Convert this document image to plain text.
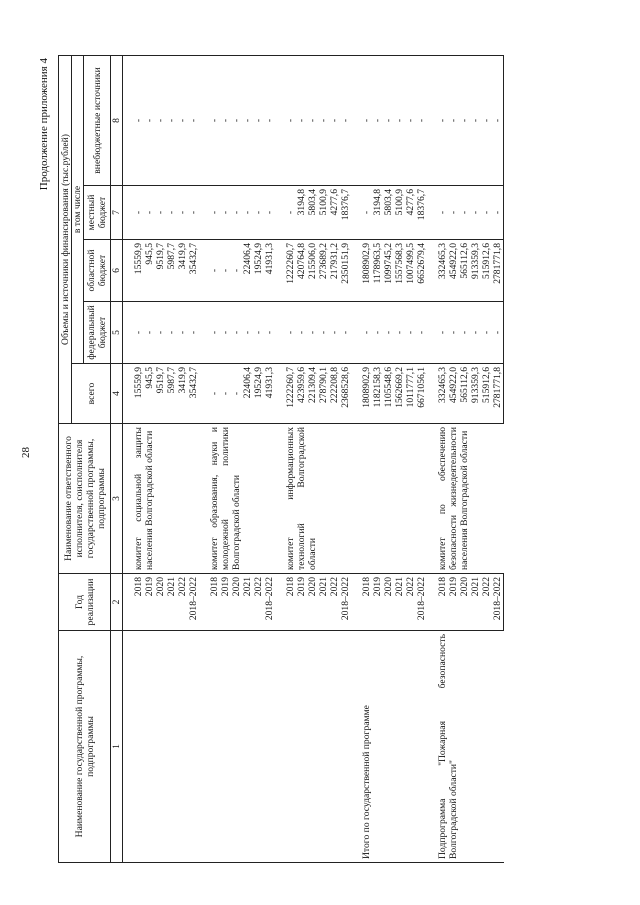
28
Продолжение приложения 4
Наименование государственной программы, подпрограммы	Год реализации	Наименование ответственного исполнителя, соисполнителя государственной программы, подпрограммы	Объемы и источники финансирования (тыс.рублей)				
			всего	в том числе			
				федеральный бюджет	областной бюджет	местный бюджет	внебюджетные источники
1	2	3	4	5	6	7	8
	2018	комитет социальной защиты населения Волгоградской области	15559,9	-	15559,9	-	-
	2019		945,5	-	945,5	-	-
	2020		9519,7	-	9519,7	-	-
	2021		5987,7	-	5987,7	-	-
	2022		3419,9	-	3419,9	-	-
	2018–2022		35432,7	-	35432,7	-	-
	2018	комитет образования, науки и молодежной политики Волгоградской области	-	-	-	-	-
	2019		-	-	-	-	-
	2020		-	-	-	-	-
	2021		22406,4	-	22406,4	-	-
	2022		19524,9	-	19524,9	-	-
	2018–2022		41931,3	-	41931,3	-	-
	2018	комитет информационных технологий Волгоградской области	1222260,7	-	1222260,7	-	-
	2019		423959,6	-	420764,8	3194,8	-
	2020		221309,4	-	215506,0	5803,4	-
	2021		278790,1	-	273689,2	5100,9	-
	2022		222208,8	-	217931,2	4277,6	-
	2018–2022		2368528,6	-	2350151,9	18376,7	-
Итого по государственной программе	2018		1808902,9	-	1808902,9	-	-
	2019		1182158,3	-	1178963,5	3194,8	-
	2020		1105548,6	-	1099745,2	5803,4	-
	2021		1562669,2	-	1557568,3	5100,9	-
	2022		1011777,1	-	1007499,5	4277,6	-
	2018–2022		6671056,1	-	6652679,4	18376,7	-
Подпрограмма "Пожарная безопасность Волгоградской области"	2018	комитет по обеспечению безопасности жизнедеятельности населения Волгоградской области	332465,3	-	332465,3	-	-
	2019		454922,0	-	454922,0	-	-
	2020		565112,6	-	565112,6	-	-
	2021		913359,3	-	913359,3	-	-
	2022		515912,6	-	515912,6	-	-
	2018–2022		2781771,8	-	2781771,8	-	-
